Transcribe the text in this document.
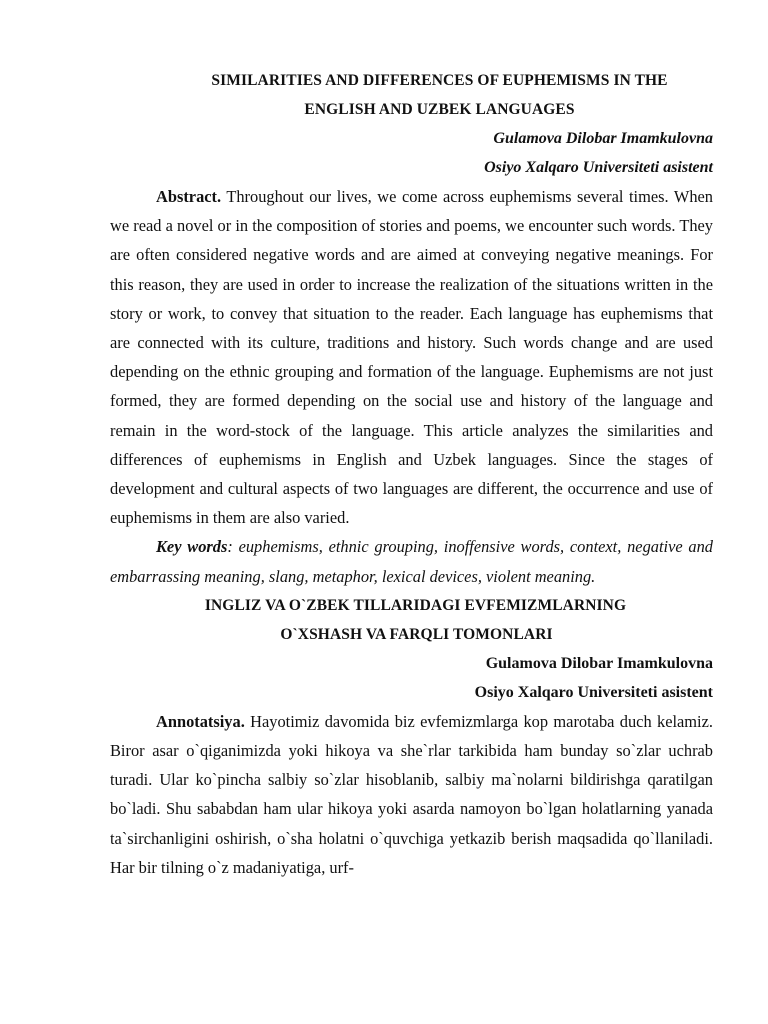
SIMILARITIES AND DIFFERENCES OF EUPHEMISMS IN THE
ENGLISH AND UZBEK LANGUAGES
Gulamova Dilobar Imamkulovna
Osiyo Xalqaro Universiteti asistent

Abstract. Throughout our lives, we come across euphemisms several times. When we read a novel or in the composition of stories and poems, we encounter such words. They are often considered negative words and are aimed at conveying negative meanings. For this reason, they are used in order to increase the realization of the situations written in the story or work, to convey that situation to the reader. Each language has euphemisms that are connected with its culture, traditions and history. Such words change and are used depending on the ethnic grouping and formation of the language. Euphemisms are not just formed, they are formed depending on the social use and history of the language and remain in the word-stock of the language. This article analyzes the similarities and differences of euphemisms in English and Uzbek languages. Since the stages of development and cultural aspects of two languages are different, the occurrence and use of euphemisms in them are also varied.

Key words: euphemisms, ethnic grouping, inoffensive words, context, negative and embarrassing meaning, slang, metaphor, lexical devices, violent meaning.

INGLIZ VA O`ZBEK TILLARIDAGI EVFEMIZMLARNING
O`XSHASH VA FARQLI TOMONLARI
Gulamova Dilobar Imamkulovna
Osiyo Xalqaro Universiteti asistent

Annotatsiya. Hayotimiz davomida biz evfemizmlarga kop marotaba duch kelamiz. Biror asar o`qiganimizda yoki hikoya va she`rlar tarkibida ham bunday so`zlar uchrab turadi. Ular ko`pincha salbiy so`zlar hisoblanib, salbiy ma`nolarni bildirishga qaratilgan bo`ladi. Shu sababdan ham ular hikoya yoki asarda namoyon bo`lgan holatlarning yanada ta`sirchanligini oshirish, o`sha holatni o`quvchiga yetkazib berish maqsadida qo`llaniladi. Har bir tilning o`z madaniyatiga, urf-
